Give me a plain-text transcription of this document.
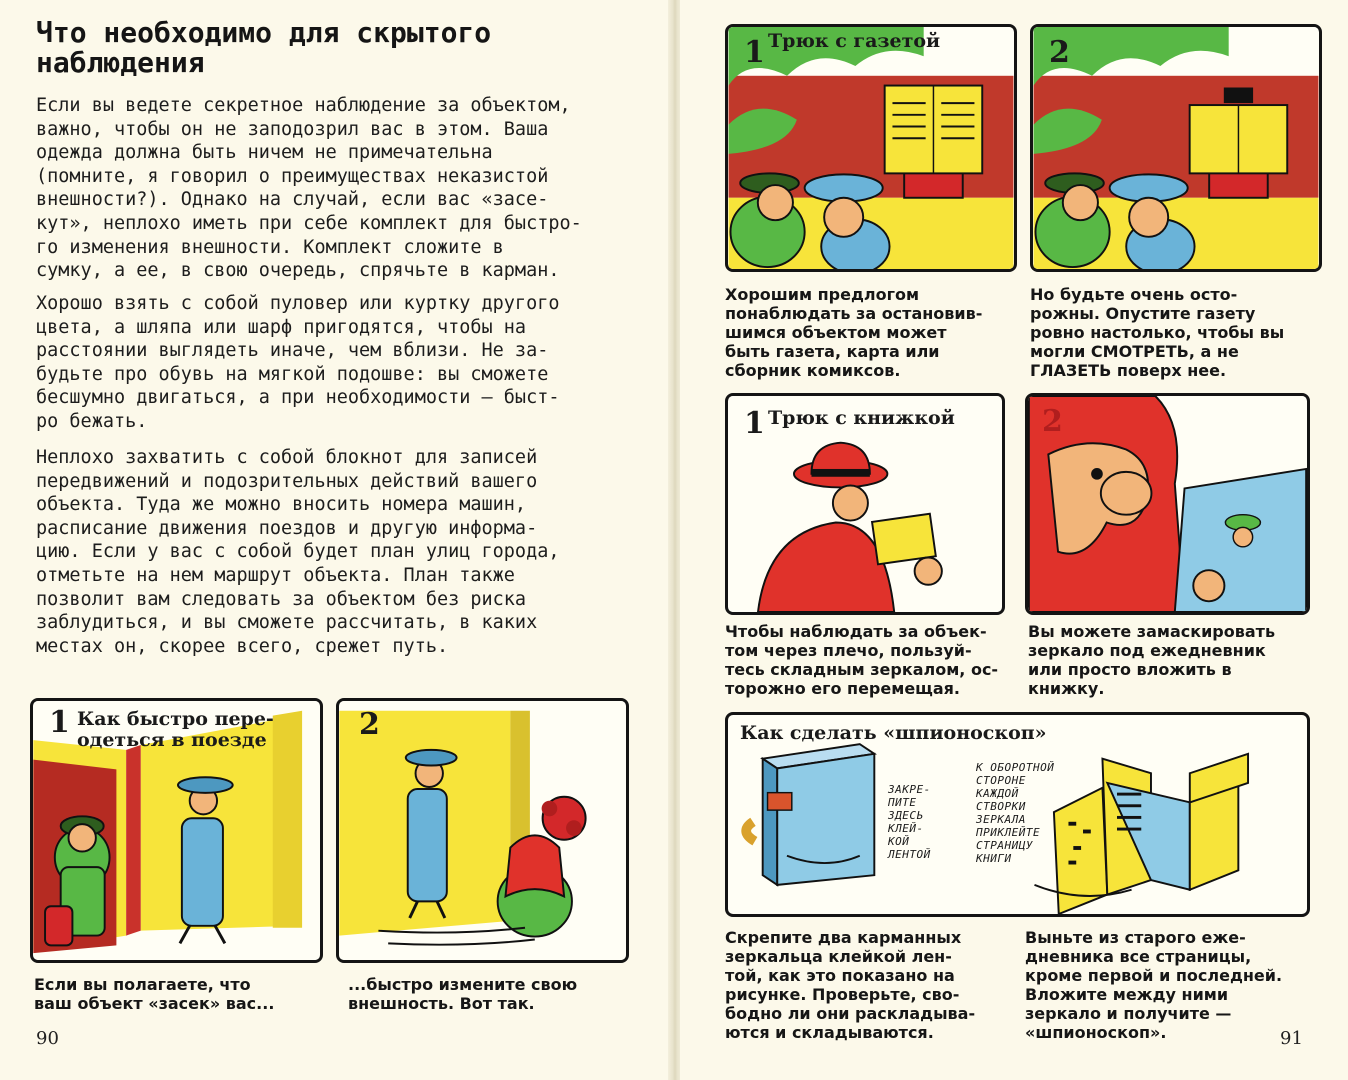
Что необходимо для скрытого наблюдения

Если вы ведете секретное наблюдение за объектом,
важно, чтобы он не заподозрил вас в этом. Ваша
одежда должна быть ничем не примечательна
(помните, я говорил о преимуществах неказистой
внешности?). Однако на случай, если вас «засе-
кут», неплохо иметь при себе комплект для быстро-
го изменения внешности. Комплект сложите в
сумку, а ее, в свою очередь, спрячьте в карман.

Хорошо взять с собой пуловер или куртку другого
цвета, а шляпа или шарф пригодятся, чтобы на
расстоянии выглядеть иначе, чем вблизи. Не за-
будьте про обувь на мягкой подошве: вы сможете
бесшумно двигаться, а при необходимости — быст-
ро бежать.

Неплохо захватить с собой блокнот для записей
передвижений и подозрительных действий вашего
объекта. Туда же можно вносить номера машин,
расписание движения поездов и другую информа-
цию. Если у вас с собой будет план улиц города,
отметьте на нем маршрут объекта. План также
позволит вам следовать за объектом без риска
заблудиться, и вы сможете рассчитать, в каких
местах он, скорее всего, срежет путь.

1 Как быстро пере-
одеться в поезде
Если вы полагаете, что
ваш объект «засек» вас...
2
...быстро измените свою
внешность. Вот так.
90
1 Трюк с газетой
Хорошим предлогом
понаблюдать за остановив-
шимся объектом может
быть газета, карта или
сборник комиксов.
2
Но будьте очень осто-
рожны. Опустите газету
ровно настолько, чтобы вы
могли СМОТРЕТЬ, а не
ГЛАЗЕТЬ поверх нее.
1 Трюк с книжкой
Чтобы наблюдать за объек-
том через плечо, пользуй-
тесь складным зеркалом, ос-
торожно его перемещая.
2
Вы можете замаскировать
зеркало под ежедневник
или просто вложить в
книжку.
Как сделать «шпионоскоп»
ЗАКРЕ-
ПИТЕ
ЗДЕСЬ
КЛЕЙ-
КОЙ
ЛЕНТОЙ
К ОБОРОТНОЙ
СТОРОНЕ
КАЖДОЙ
СТВОРКИ
ЗЕРКАЛА
ПРИКЛЕЙТЕ
СТРАНИЦУ
КНИГИ
Скрепите два карманных
зеркальца клейкой лен-
той, как это показано на
рисунке. Проверьте, сво-
бодно ли они раскладыва-
ются и складываются.
Выньте из старого еже-
дневника все страницы,
кроме первой и последней.
Вложите между ними
зеркало и получите —
«шпионоскоп».	91
